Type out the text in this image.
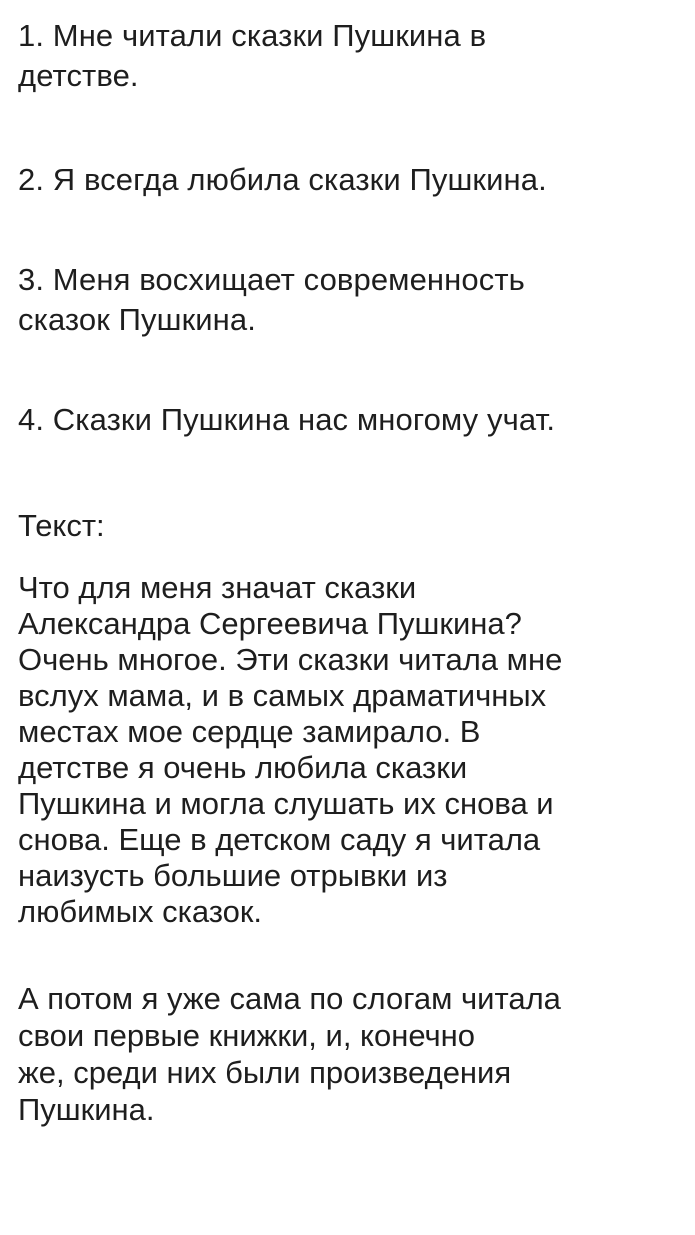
1. Мне читали сказки Пушкина в
детстве.

2. Я всегда любила сказки Пушкина.

3. Меня восхищает современность
сказок Пушкина.

4. Сказки Пушкина нас многому учат.

Текст:

Что для меня значат сказки
Александра Сергеевича Пушкина?
Очень многое. Эти сказки читала мне
вслух мама, и в самых драматичных
местах мое сердце замирало. В
детстве я очень любила сказки
Пушкина и могла слушать их снова и
снова. Еще в детском саду я читала
наизусть большие отрывки из
любимых сказок.

А потом я уже сама по слогам читала
свои первые книжки, и, конечно
же, среди них были произведения
Пушкина.
